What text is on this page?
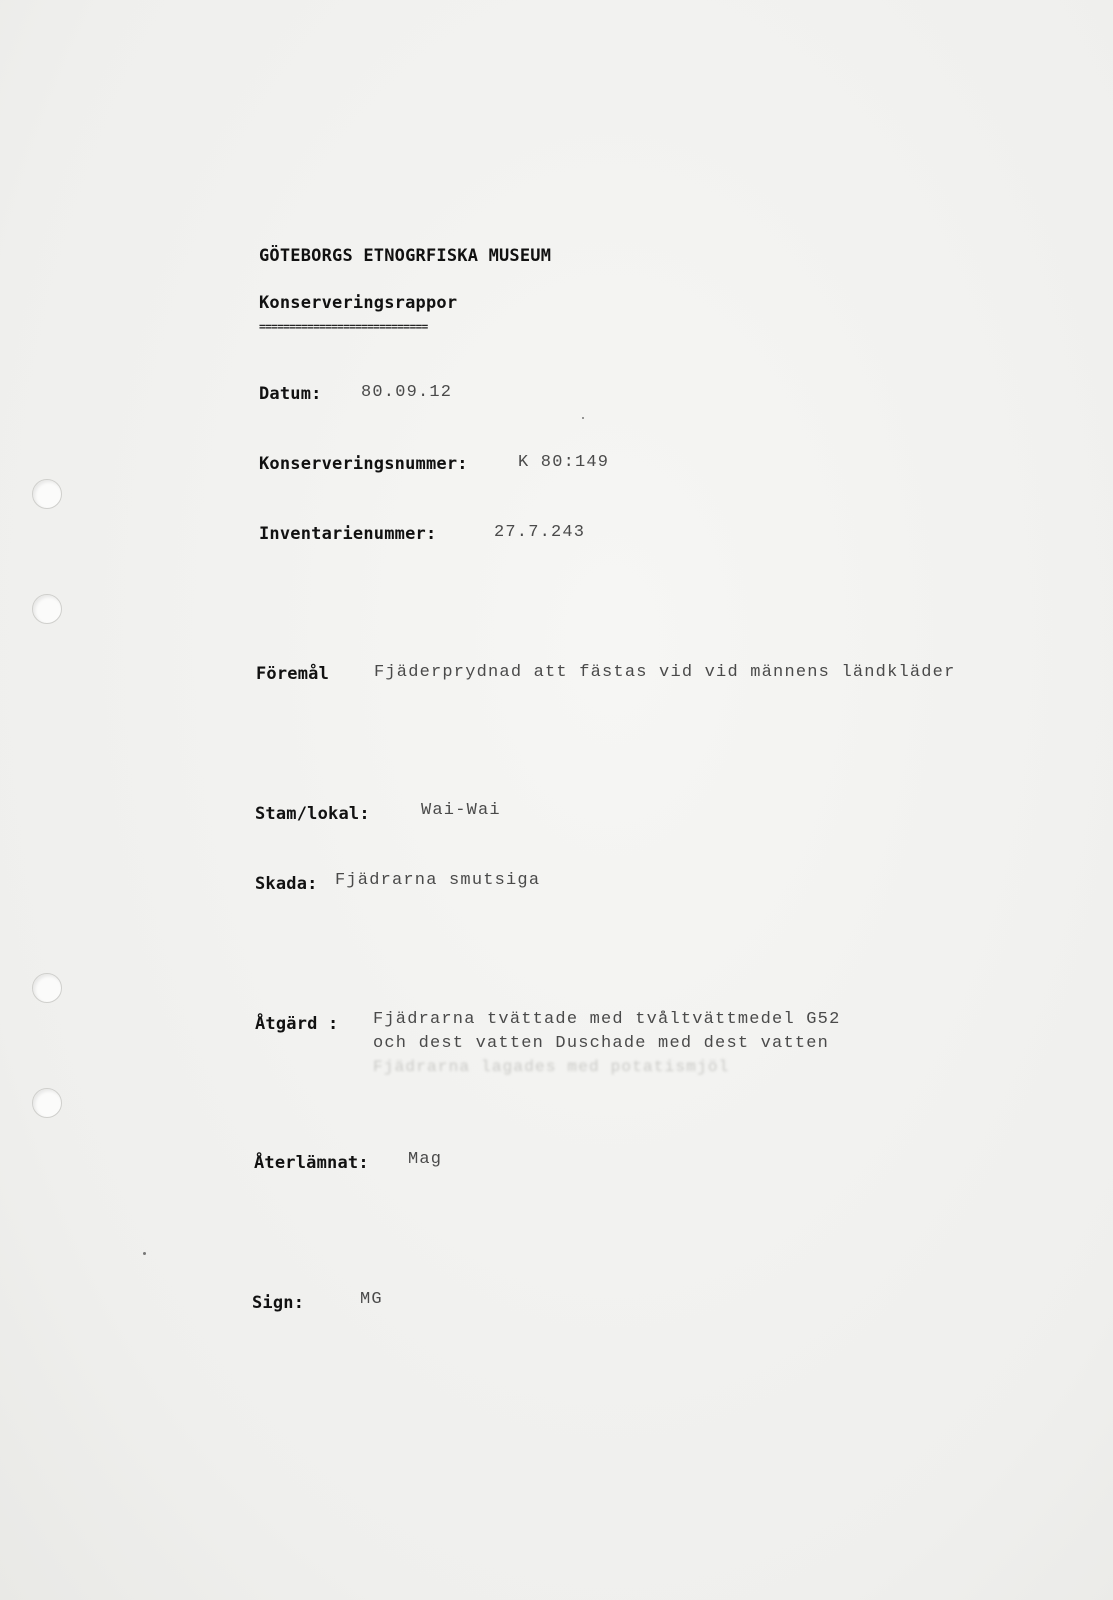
GÖTEBORGS ETNOGRFISKA MUSEUM
Konserveringsrappor
============================
Datum: 80.09.12
Konserveringsnummer:	K 80:149
Inventarienummer:	27.7.243
Föremål	Fjäderprydnad att fästas vid vid männens ländkläder
Stam/lokal:	Wai-Wai
Skada: Fjädrarna smutsiga
Åtgärd : Fjädrarna tvättade med tvåltvättmedel G52
och dest vatten Duschade med dest vatten
Fjädrarna lagades med potatismjöl
Återlämnat: Mag
Sign:	MG
